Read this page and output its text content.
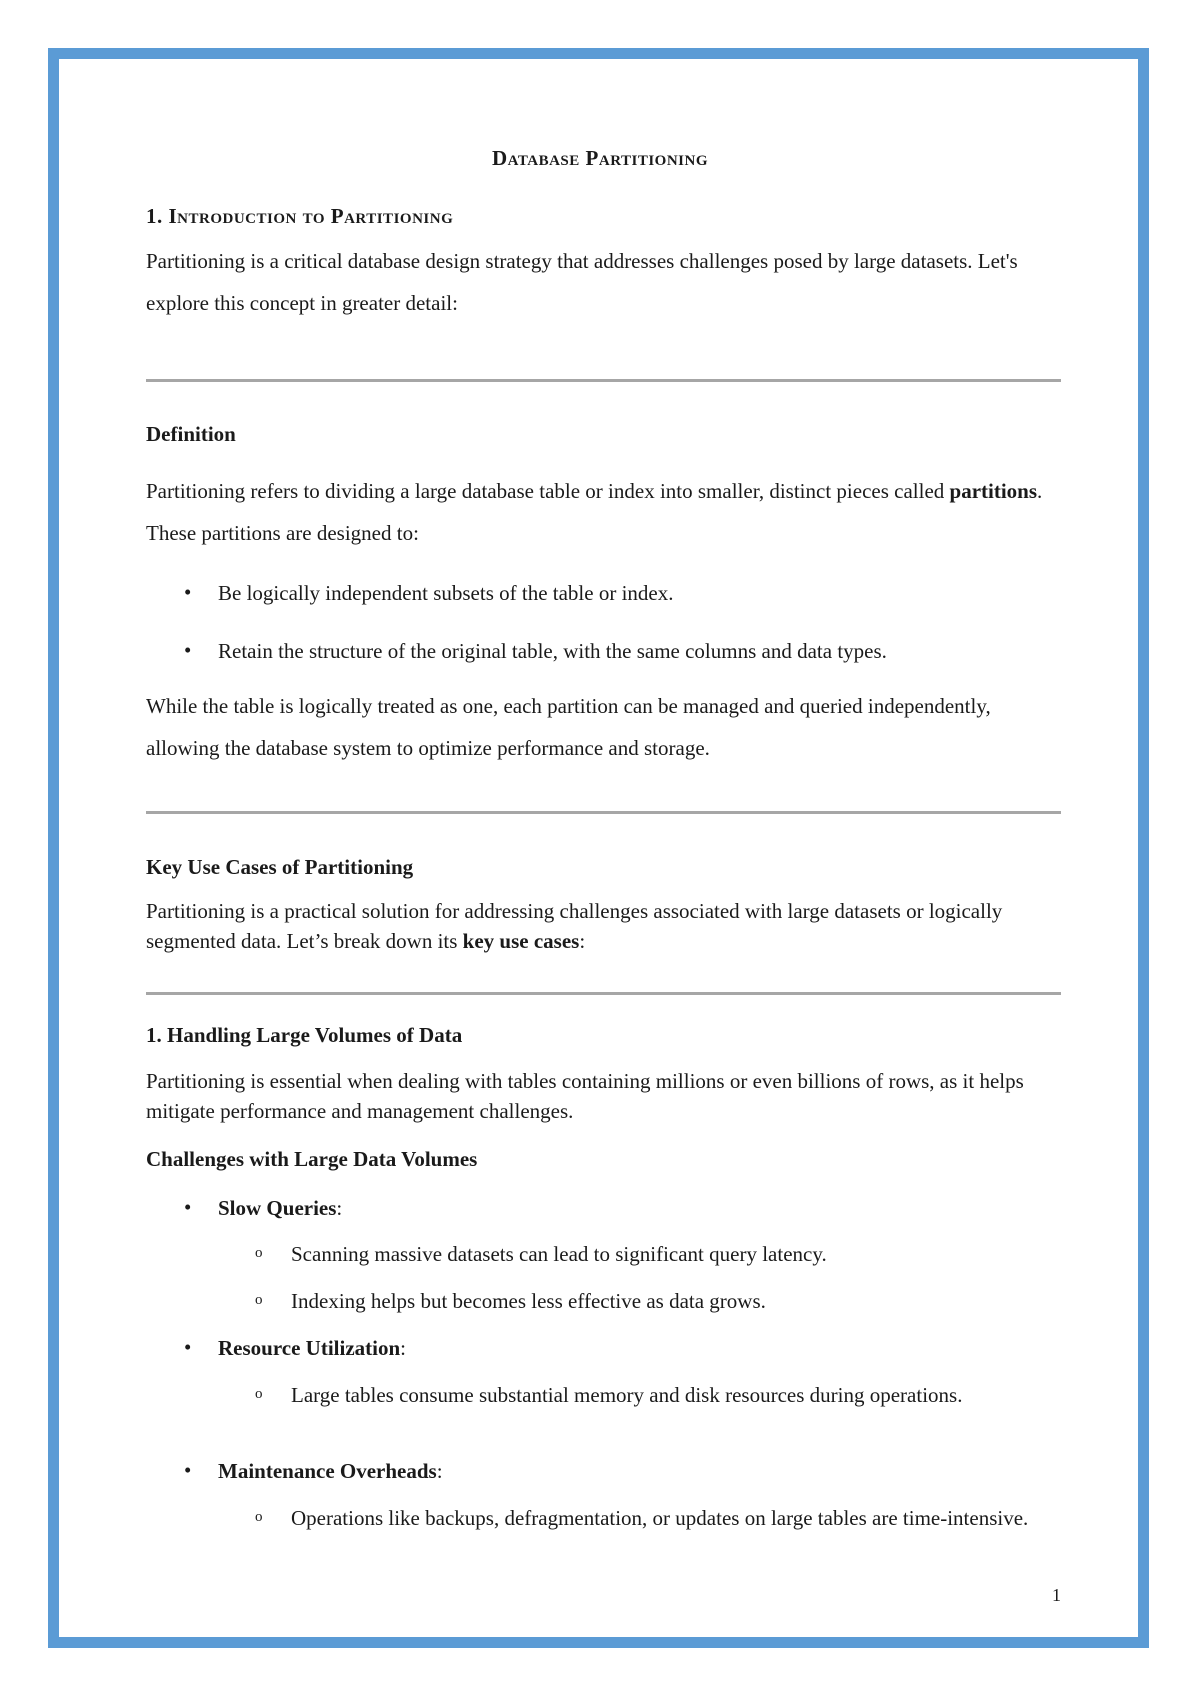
Database Partitioning
1. Introduction to Partitioning

Partitioning is a critical database design strategy that addresses challenges posed by large datasets. Let's explore this concept in greater detail:

Definition

Partitioning refers to dividing a large database table or index into smaller, distinct pieces called partitions. These partitions are designed to:

• Be logically independent subsets of the table or index.

• Retain the structure of the original table, with the same columns and data types.

While the table is logically treated as one, each partition can be managed and queried independently, allowing the database system to optimize performance and storage.

Key Use Cases of Partitioning

Partitioning is a practical solution for addressing challenges associated with large datasets or logically segmented data. Let’s break down its key use cases:

1. Handling Large Volumes of Data

Partitioning is essential when dealing with tables containing millions or even billions of rows, as it helps mitigate performance and management challenges.

Challenges with Large Data Volumes
• Slow Queries:

o Scanning massive datasets can lead to significant query latency.

o Indexing helps but becomes less effective as data grows.

• Resource Utilization:

o Large tables consume substantial memory and disk resources during operations.

• Maintenance Overheads:

o Operations like backups, defragmentation, or updates on large tables are time-intensive.

1
